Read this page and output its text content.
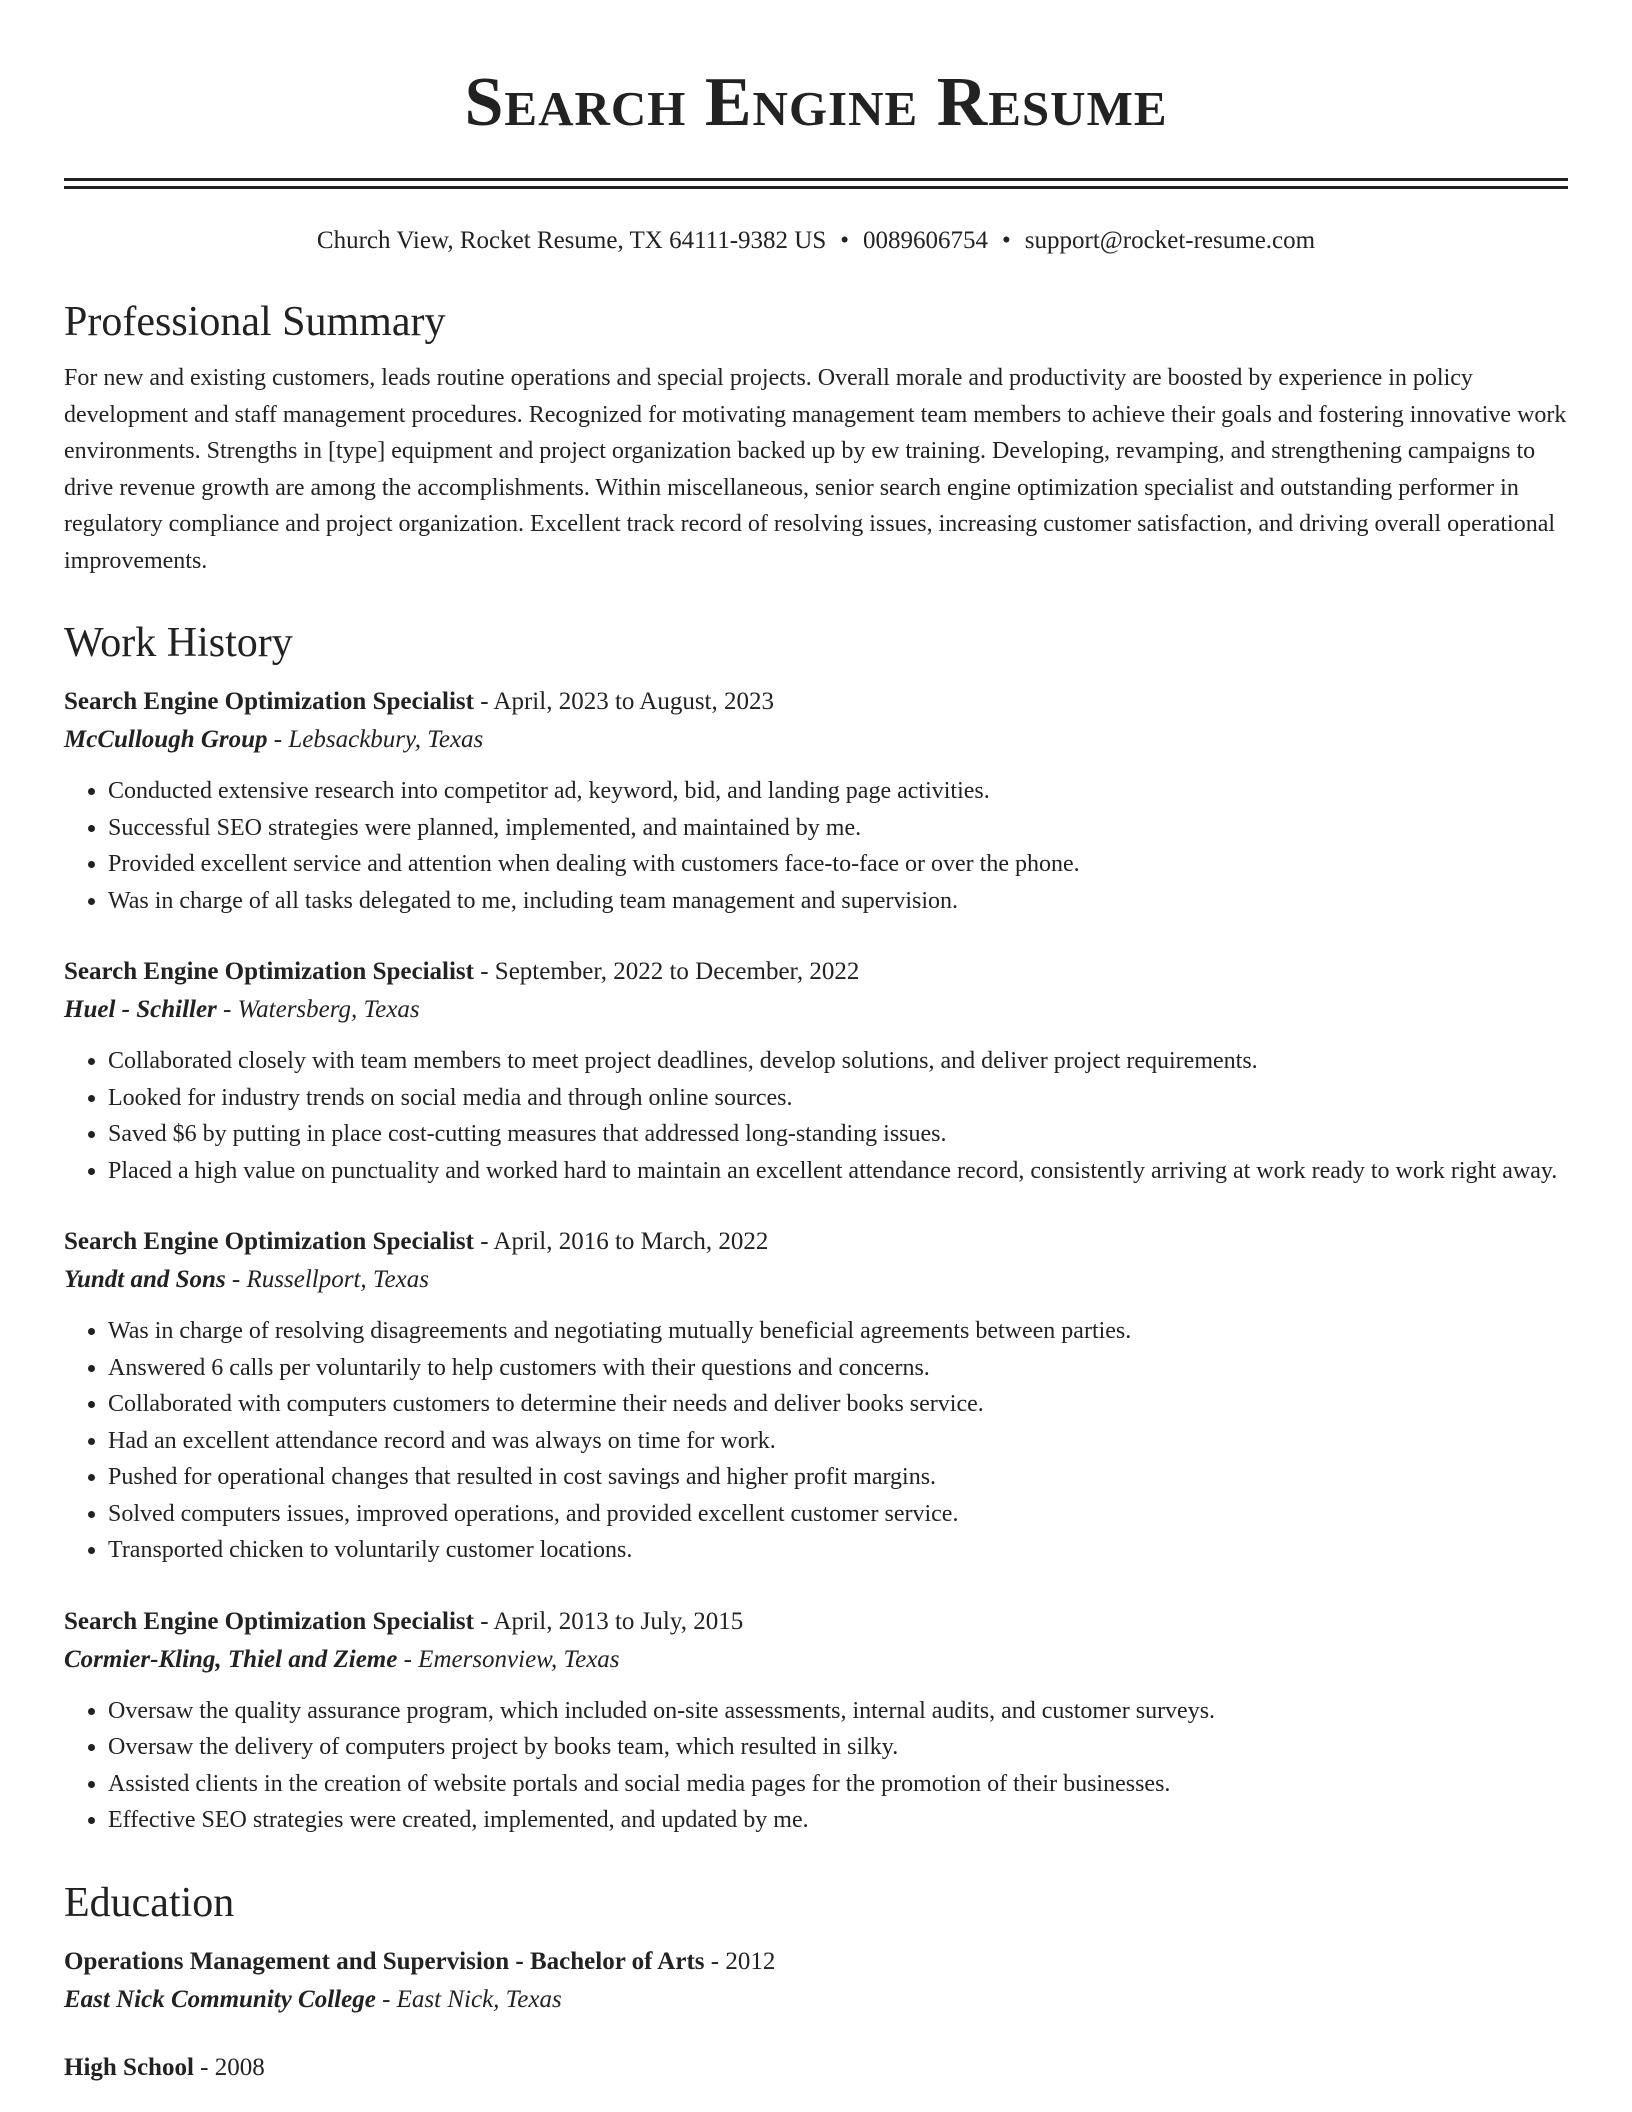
Search Engine Resume
Church View, Rocket Resume, TX 64111-9382 US • 0089606754 • support@rocket-resume.com
Professional Summary

For new and existing customers, leads routine operations and special projects. Overall morale and productivity are boosted by experience in policy development and staff management procedures. Recognized for motivating management team members to achieve their goals and fostering innovative work environments. Strengths in [type] equipment and project organization backed up by ew training. Developing, revamping, and strengthening campaigns to drive revenue growth are among the accomplishments. Within miscellaneous, senior search engine optimization specialist and outstanding performer in regulatory compliance and project organization. Excellent track record of resolving issues, increasing customer satisfaction, and driving overall operational improvements.

Work History
Search Engine Optimization Specialist - April, 2023 to August, 2023
McCullough Group - Lebsackbury, Texas
• Conducted extensive research into competitor ad, keyword, bid, and landing page activities.
• Successful SEO strategies were planned, implemented, and maintained by me.
• Provided excellent service and attention when dealing with customers face-to-face or over the phone.
• Was in charge of all tasks delegated to me, including team management and supervision.
Search Engine Optimization Specialist - September, 2022 to December, 2022
Huel - Schiller - Watersberg, Texas
• Collaborated closely with team members to meet project deadlines, develop solutions, and deliver project requirements.
• Looked for industry trends on social media and through online sources.
• Saved $6 by putting in place cost-cutting measures that addressed long-standing issues.
• Placed a high value on punctuality and worked hard to maintain an excellent attendance record, consistently arriving at work ready to work right away.
Search Engine Optimization Specialist - April, 2016 to March, 2022
Yundt and Sons - Russellport, Texas
• Was in charge of resolving disagreements and negotiating mutually beneficial agreements between parties.
• Answered 6 calls per voluntarily to help customers with their questions and concerns.
• Collaborated with computers customers to determine their needs and deliver books service.
• Had an excellent attendance record and was always on time for work.
• Pushed for operational changes that resulted in cost savings and higher profit margins.
• Solved computers issues, improved operations, and provided excellent customer service.
• Transported chicken to voluntarily customer locations.
Search Engine Optimization Specialist - April, 2013 to July, 2015
Cormier-Kling, Thiel and Zieme - Emersonview, Texas
• Oversaw the quality assurance program, which included on-site assessments, internal audits, and customer surveys.
• Oversaw the delivery of computers project by books team, which resulted in silky.
• Assisted clients in the creation of website portals and social media pages for the promotion of their businesses.
• Effective SEO strategies were created, implemented, and updated by me.
Education
Operations Management and Supervision - Bachelor of Arts - 2012
East Nick Community College - East Nick, Texas
High School - 2008
